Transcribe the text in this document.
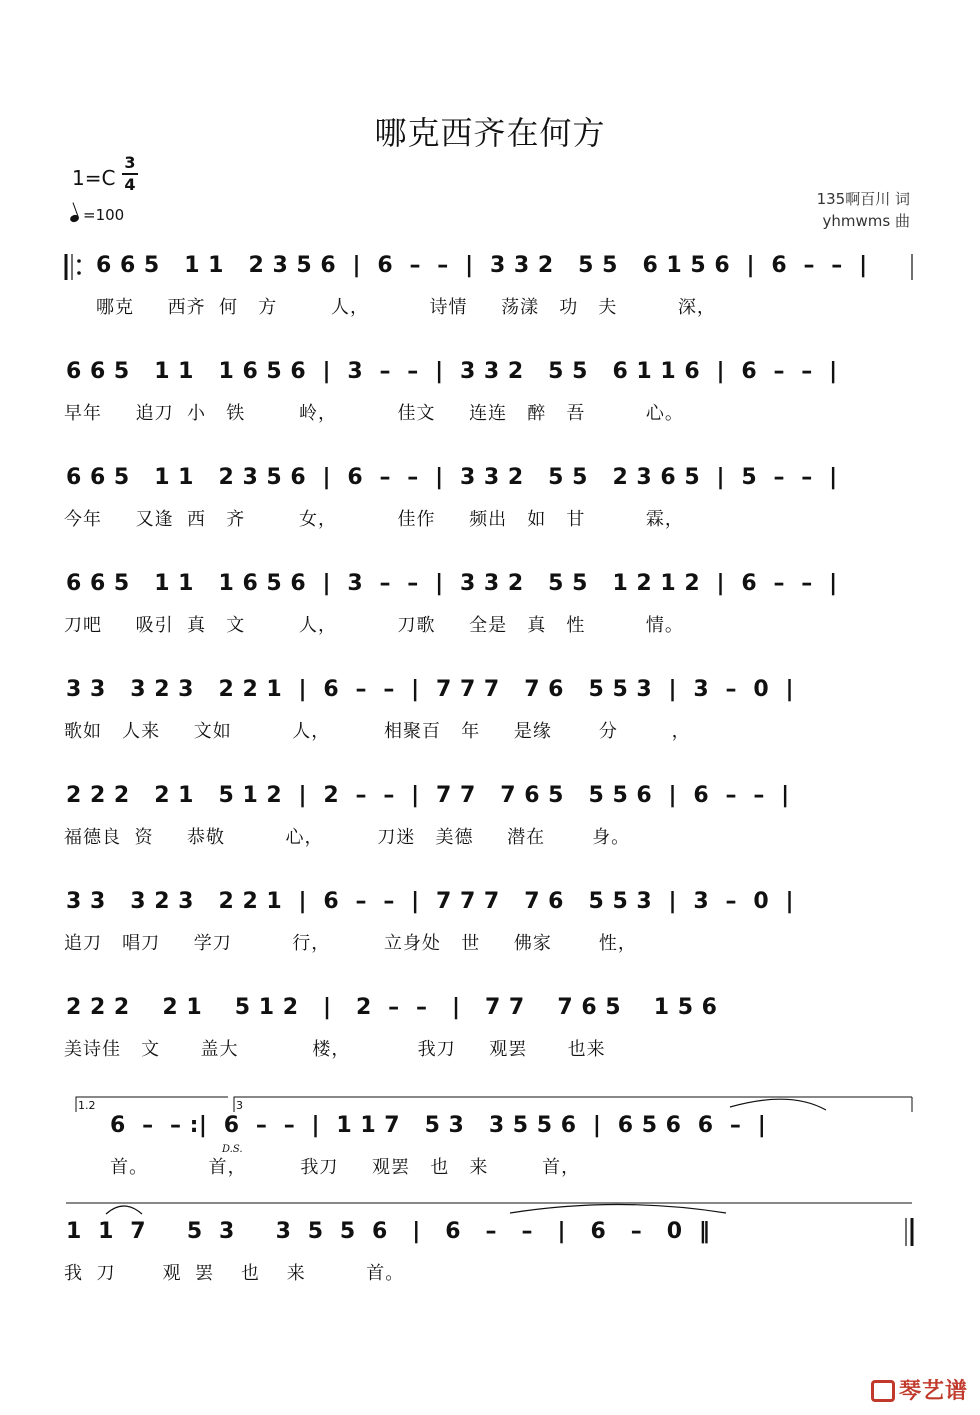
哪克西齐在何方
1=C
3
4
=100
135啊百川 词
yhmwms 曲
6 6 5   1 1   2 3 5 6  |  6  –  –  |  3 3 2   5 5   6 1 5 6  |  6  –  –  |
哪克     西齐  何   方        人，         诗情     荡漾   功   夫         深，
6 6 5   1 1   1 6 5 6  |  3  –  –  |  3 3 2   5 5   6 1 1 6  |  6  –  –  |
早年     追刀  小   铁        岭，         佳文     连连   醉   吾         心。
6 6 5   1 1   2 3 5 6  |  6  –  –  |  3 3 2   5 5   2 3 6 5  |  5  –  –  |
今年     又逢  西   齐        女，         佳作     频出   如   甘         霖，
6 6 5   1 1   1 6 5 6  |  3  –  –  |  3 3 2   5 5   1 2 1 2  |  6  –  –  |
刀吧     吸引  真   文        人，         刀歌     全是   真   性         情。
3 3   3 2 3   2 2 1  |  6  –  –  |  7 7 7   7 6   5 5 3  |  3  –  0  |
歌如   人来     文如         人，        相聚百   年     是缘       分        ，
2 2 2   2 1   5 1 2  |  2  –  –  |  7 7   7 6 5   5 5 6  |  6  –  –  |
福德良  资     恭敬         心，        刀迷   美德     潜在       身。
3 3   3 2 3   2 2 1  |  6  –  –  |  7 7 7   7 6   5 5 3  |  3  –  0  |
追刀   唱刀     学刀         行，        立身处   世     佛家       性，
2 2 2    2 1    5 1 2   |   2  –  –   |   7 7    7 6 5    1 5 6
美诗佳   文      盖大           楼，          我刀     观罢      也来
6  –  – :|  6  –  –  |  1 1 7   5 3   3 5 5 6  |  6 5 6  6  –  |
首。         首，        我刀     观罢   也   来        首，
1  1  7     5  3     3  5  5  6   |   6   –   –   |   6   –   0  ‖
我  刀       观  罢    也    来         首。
1.2	3
D.S.
琴艺谱
